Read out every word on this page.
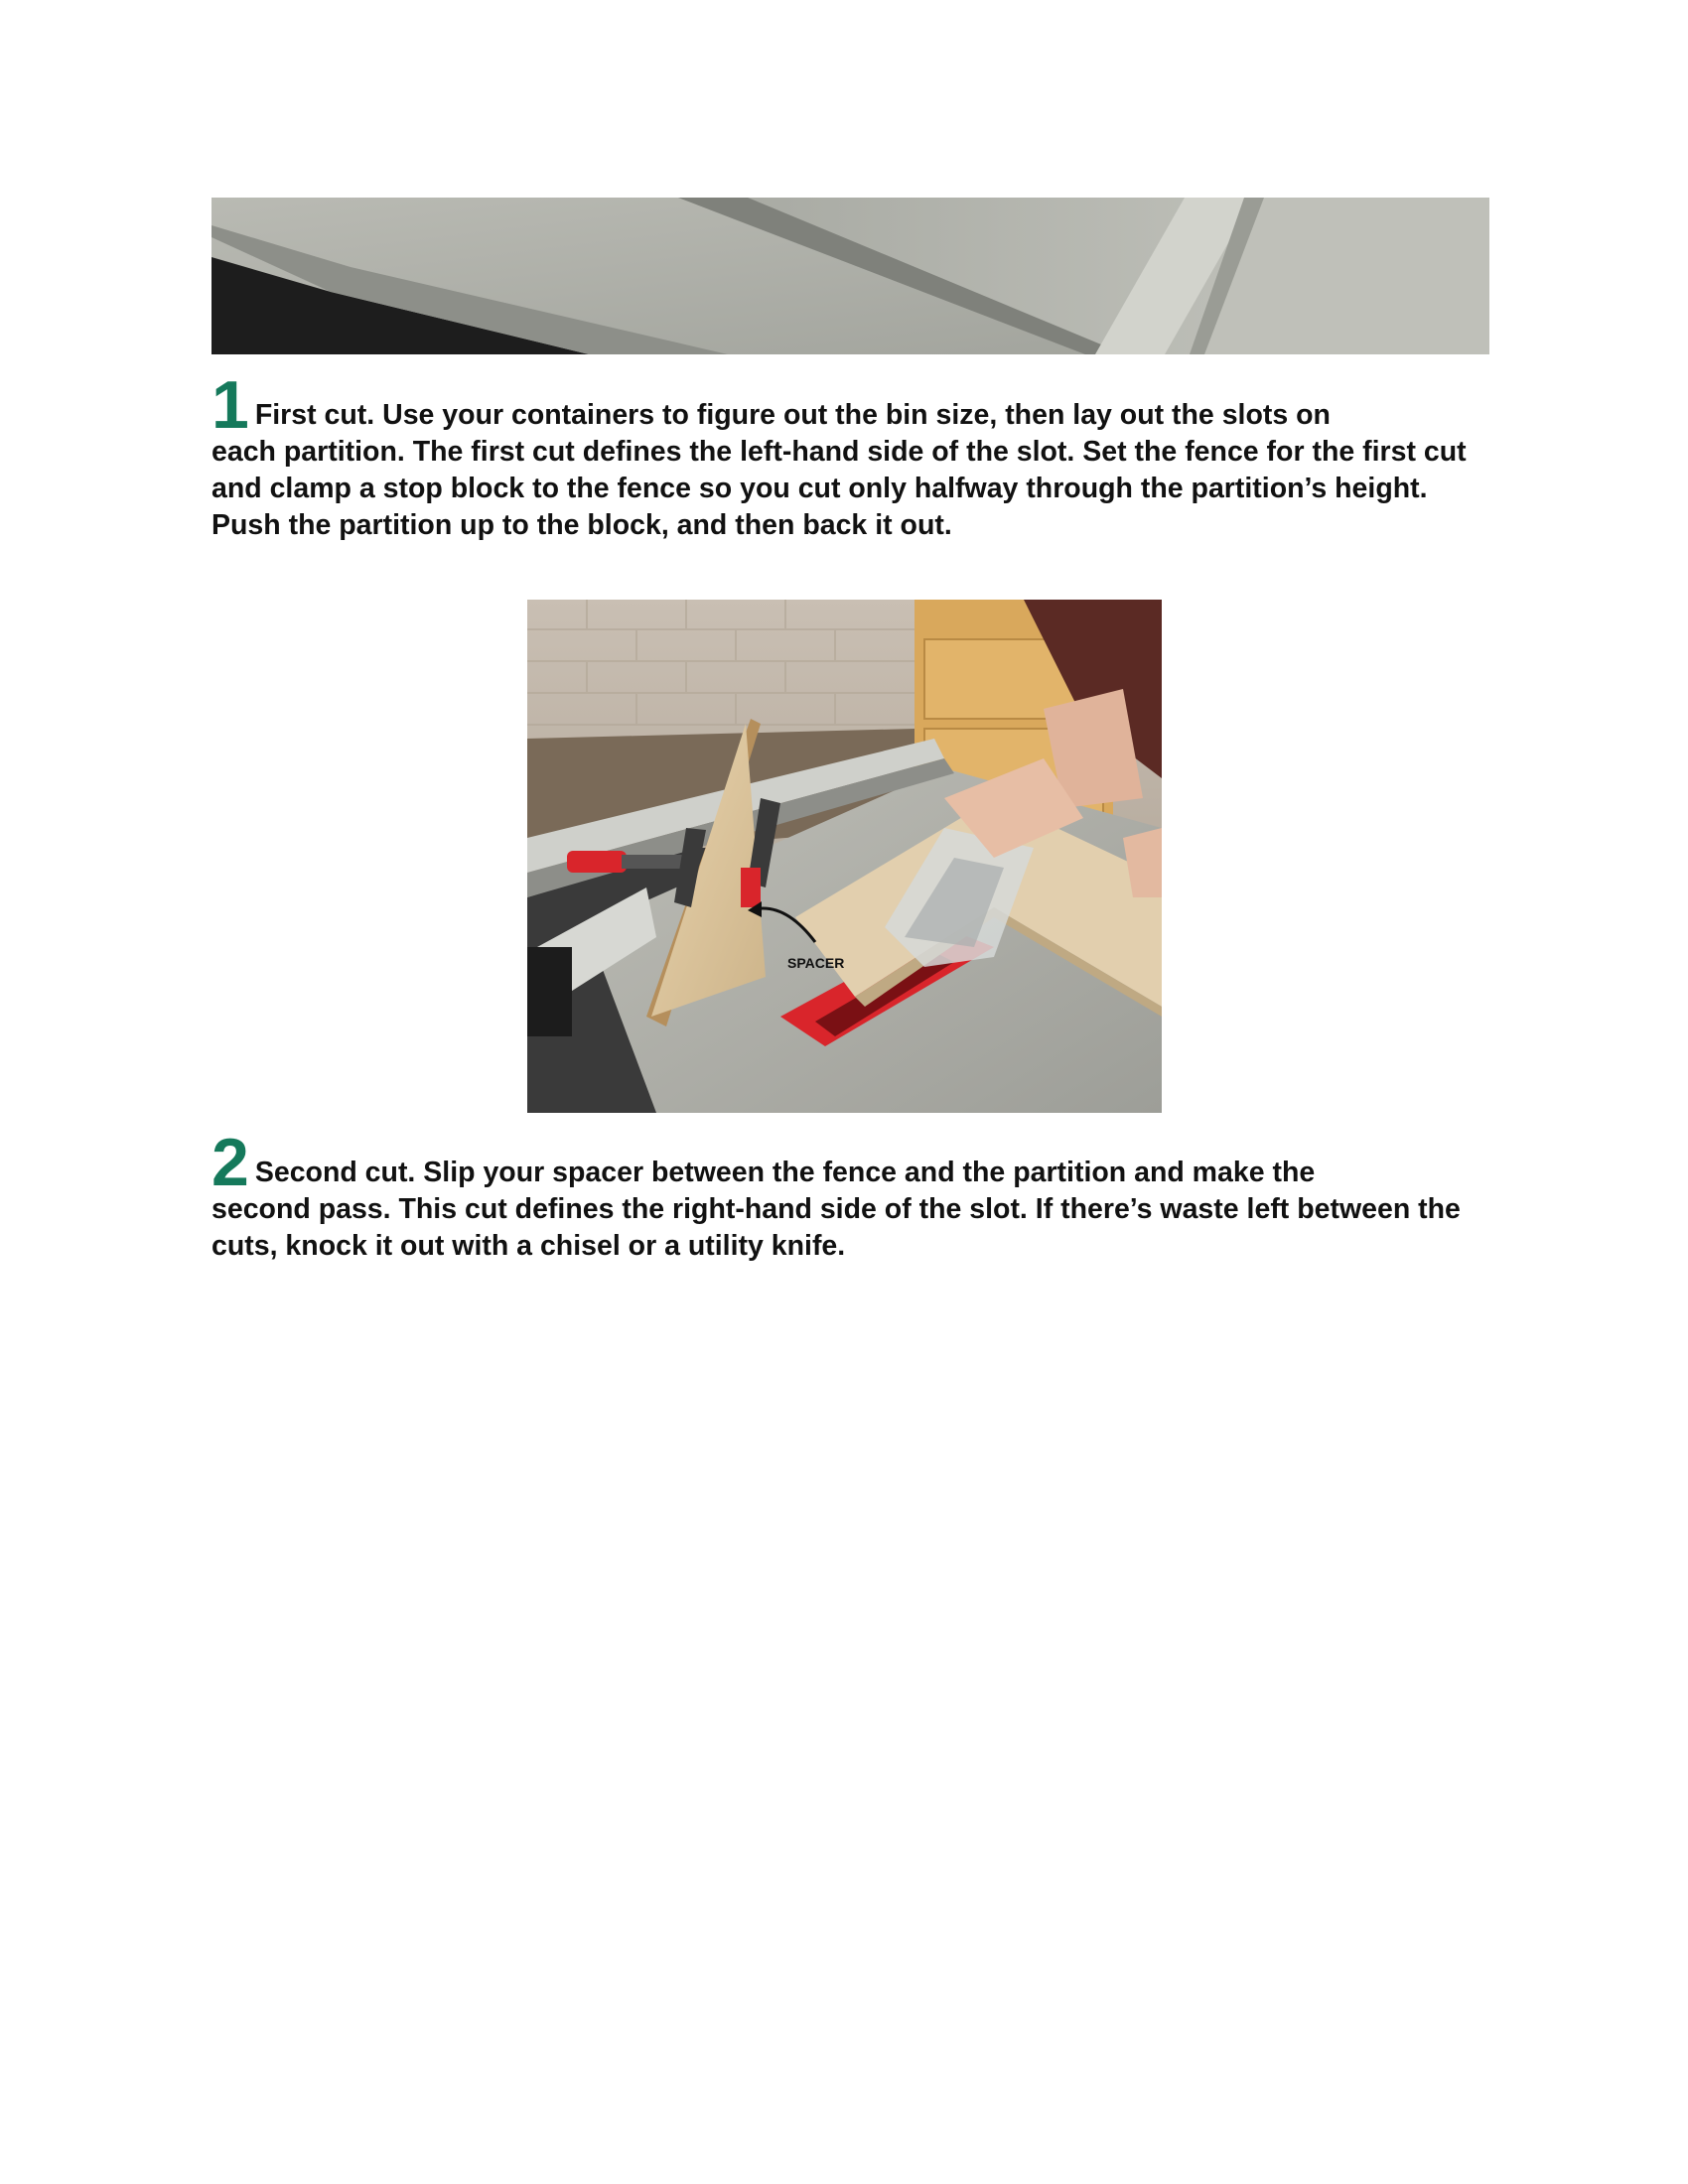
1 First cut. Use your containers to figure out the bin size, then lay out the slots on
each partition. The first cut defines the left-hand side of the slot. Set the fence for the first cut and clamp a stop block to the fence so you cut only halfway through the partition’s height. Push the partition up to the block, and then back it out.
SPACER
2 Second cut. Slip your spacer between the fence and the partition and make the
second pass. This cut defines the right-hand side of the slot. If there’s waste left between the cuts, knock it out with a chisel or a utility knife.
